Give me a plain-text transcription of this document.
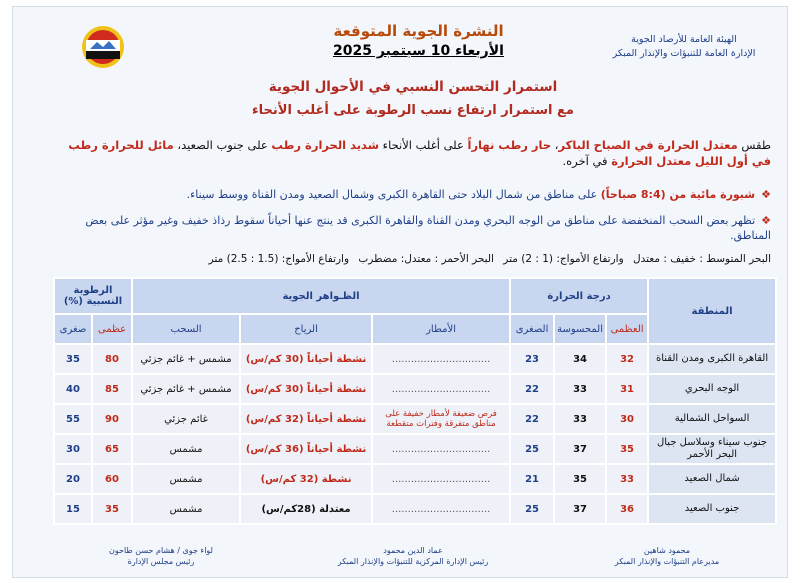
الهيئة العامة للأرصاد الجوية
الإدارة العامة للتنبؤات والإنذار المبكر
النشرة الجوية المتوقعة
الأربعاء 10 سبتمبر 2025
استمرار التحسن النسبي في الأحوال الجوية
مع استمرار ارتفاع نسب الرطوبة على أغلب الأنحاء
طقس معتدل الحرارة في الصباح الباكر، حار رطب نهاراً على أغلب الأنحاء شديد الحرارة رطب على جنوب الصعيد، مائل للحرارة رطب في أول الليل معتدل الحرارة في آخره.
❖شبورة مائية من (8:4 صباحاً) على مناطق من شمال البلاد حتى القاهرة الكبرى وشمال الصعيد ومدن القناة ووسط سيناء.
❖تظهر بعض السحب المنخفضة على مناطق من الوجه البحري ومدن القناة والقاهرة الكبرى قد ينتج عنها أحياناً سقوط رذاذ خفيف وغير مؤثر على بعض المناطق.
البحر المتوسط : خفيف : معتدل وارتفاع الأمواج: (1 : 2) متر البحر الأحمر : معتدل: مضطرب وارتفاع الأمواج: (1.5 : 2.5) متر
المنطقة	درجة الحرارة			الظـواهر الجوية			الرطوبة النسبية (%)	
	العظمى	المحسوسة	الصغرى	الأمطار	الرياح	السحب	عظمى	صغرى
القاهرة الكبرى ومدن القناة	32	34	23	...............................	نشطة أحياناً (30 كم/س)	مشمس + غائم جزئي	80	35
الوجه البحري	31	33	22	...............................	نشطة أحياناً (30 كم/س)	مشمس + غائم جزئي	85	40
السواحل الشمالية	30	33	22	فرص ضعيفة لأمطار خفيفة على مناطق متفرقة وفترات متقطعة	نشطة أحياناً (32 كم/س)	غائم جزئي	90	55
جنوب سيناء وسلاسل جبال البحر الأحمر	35	37	25	...............................	نشطة أحياناً (36 كم/س)	مشمس	65	30
شمال الصعيد	33	35	21	...............................	نشطة (32 كم/س)	مشمس	60	20
جنوب الصعيد	36	37	25	...............................	معتدلة (28كم/س)	مشمس	35	15
محمود شاهين
مديرعام التنبؤات والإنذار المبكر
عماد الدين محمود
رئيس الإدارة المركزية للتنبؤات والإنذار المبكر
لواء جوى / هشام حسن طاحون
رئيس مجلس الإدارة
